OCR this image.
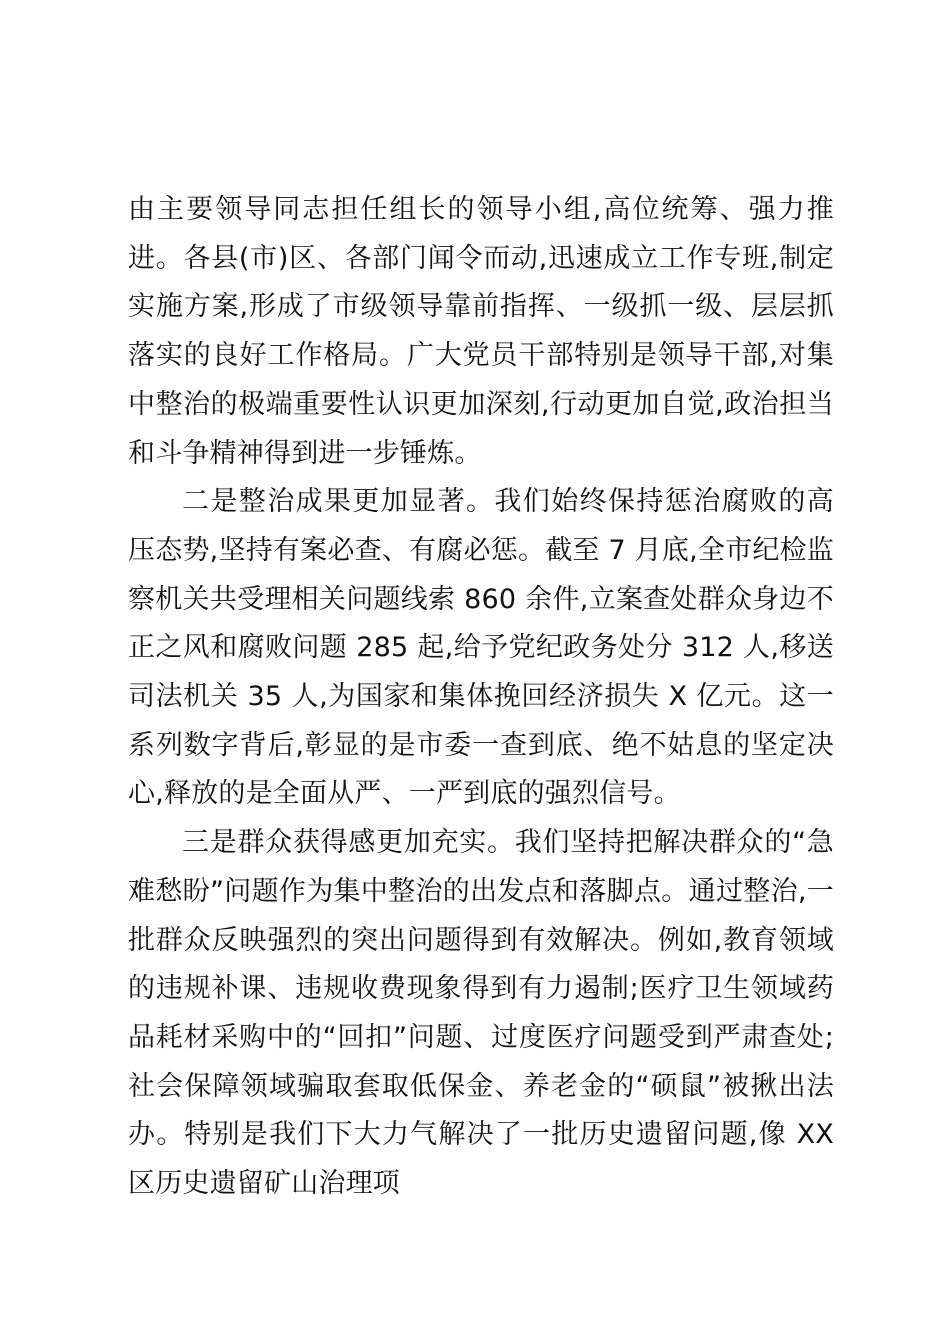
由主要领导同志担任组长的领导小组,高位统筹、强力推进。各县(市)区、各部门闻令而动,迅速成立工作专班,制定实施方案,形成了市级领导靠前指挥、一级抓一级、层层抓落实的良好工作格局。广大党员干部特别是领导干部,对集中整治的极端重要性认识更加深刻,行动更加自觉,政治担当和斗争精神得到进一步锤炼。

二是整治成果更加显著。我们始终保持惩治腐败的高压态势,坚持有案必查、有腐必惩。截至 7 月底,全市纪检监察机关共受理相关问题线索 860 余件,立案查处群众身边不正之风和腐败问题 285 起,给予党纪政务处分 312 人,移送司法机关 35 人,为国家和集体挽回经济损失 X 亿元。这一系列数字背后,彰显的是市委一查到底、绝不姑息的坚定决心,释放的是全面从严、一严到底的强烈信号。

三是群众获得感更加充实。我们坚持把解决群众的“急难愁盼”问题作为集中整治的出发点和落脚点。通过整治,一批群众反映强烈的突出问题得到有效解决。例如,教育领域的违规补课、违规收费现象得到有力遏制;医疗卫生领域药品耗材采购中的“回扣”问题、过度医疗问题受到严肃查处;社会保障领域骗取套取低保金、养老金的“硕鼠”被揪出法办。特别是我们下大力气解决了一批历史遗留问题,像 XX 区历史遗留矿山治理项
